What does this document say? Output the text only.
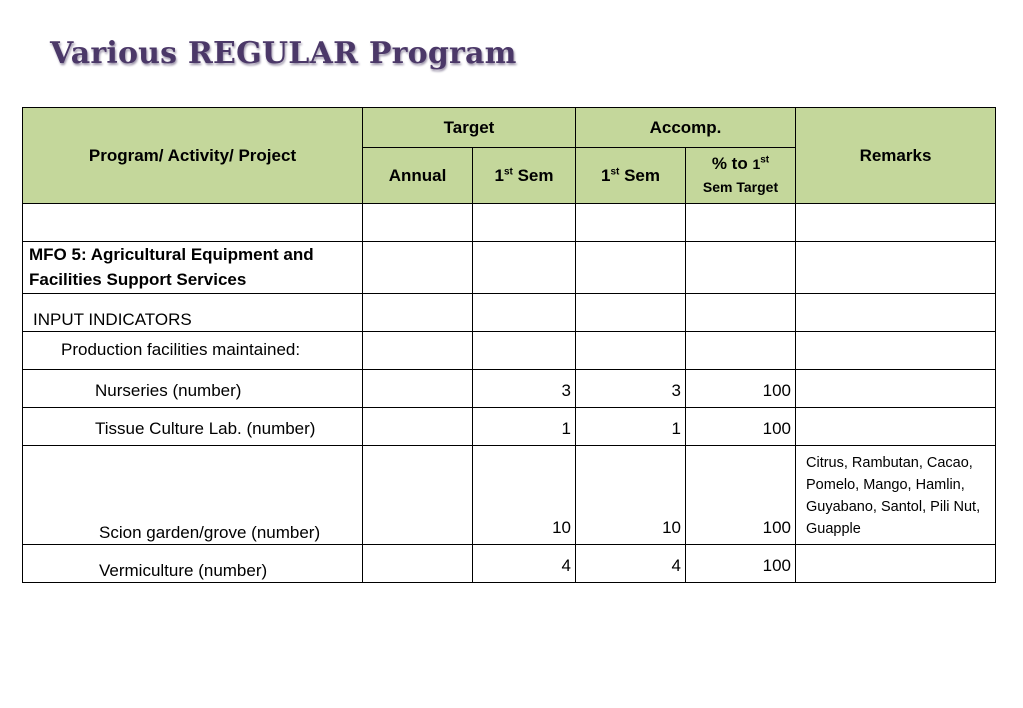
Various REGULAR Program
Program/ Activity/ Project	Target		Accomp.		Remarks
	Annual	1st Sem	1st Sem	% to 1st
Sem Target	

MFO 5: Agricultural Equipment and Facilities Support Services					
INPUT INDICATORS					
Production facilities maintained:					
Nurseries (number)		3	3	100	
Tissue Culture Lab. (number)		1	1	100	
Scion garden/grove (number)		10	10	100	Citrus, Rambutan, Cacao, Pomelo, Mango, Hamlin, Guyabano, Santol, Pili Nut, Guapple
Vermiculture (number)		4	4	100	
